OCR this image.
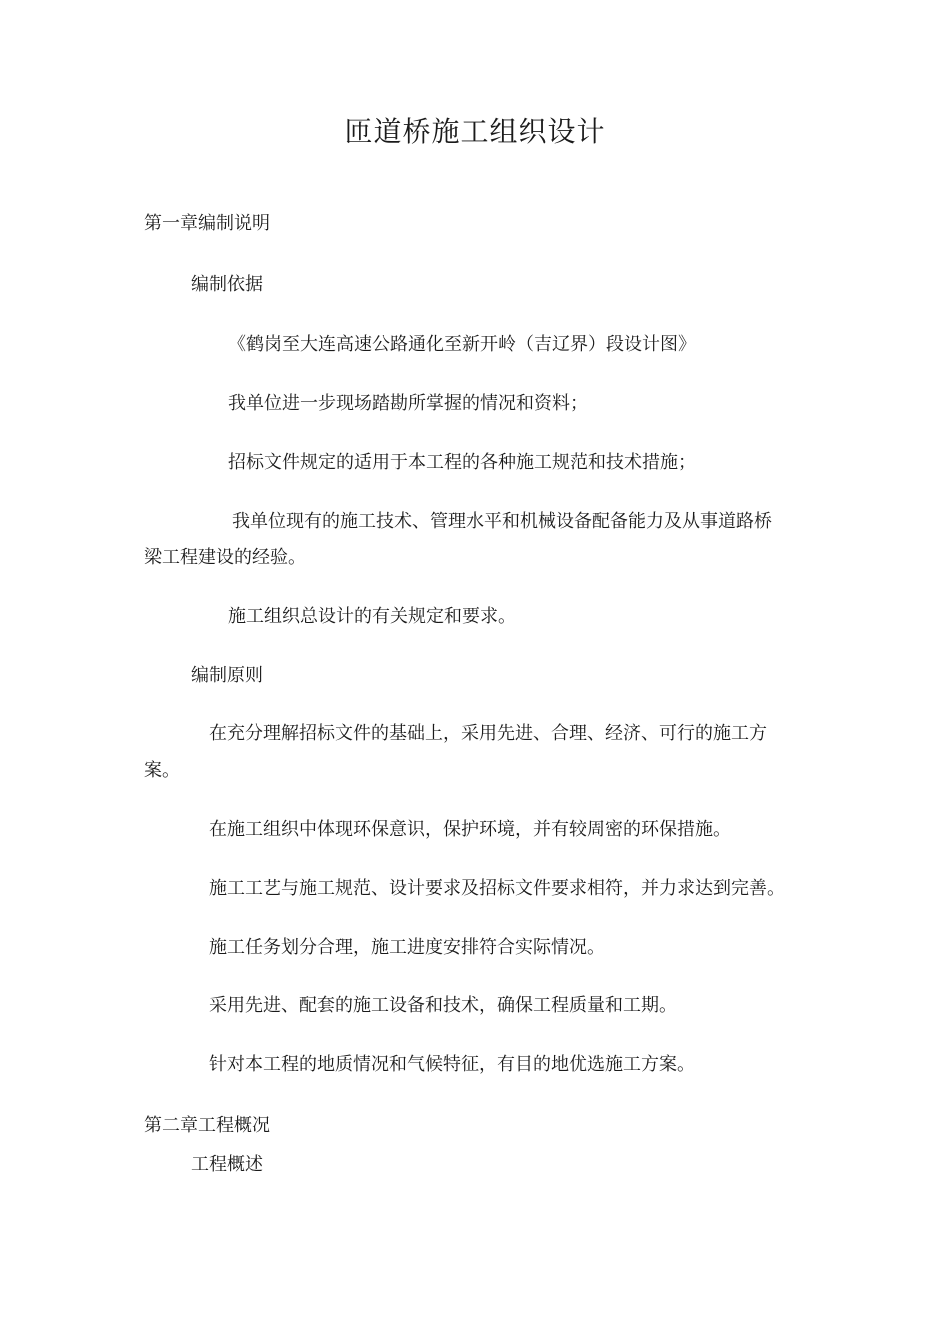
匝道桥施工组织设计
第一章编制说明
编制依据
《鹤岗至大连高速公路通化至新开岭（吉辽界）段设计图》
我单位进一步现场踏勘所掌握的情况和资料；
招标文件规定的适用于本工程的各种施工规范和技术措施；
我单位现有的施工技术、管理水平和机械设备配备能力及从事道路桥
梁工程建设的经验。
施工组织总设计的有关规定和要求。
编制原则
在充分理解招标文件的基础上，采用先进、合理、经济、可行的施工方
案。
在施工组织中体现环保意识，保护环境，并有较周密的环保措施。
施工工艺与施工规范、设计要求及招标文件要求相符，并力求达到完善。
施工任务划分合理，施工进度安排符合实际情况。
采用先进、配套的施工设备和技术，确保工程质量和工期。
针对本工程的地质情况和气候特征，有目的地优选施工方案。
第二章工程概况
工程概述
